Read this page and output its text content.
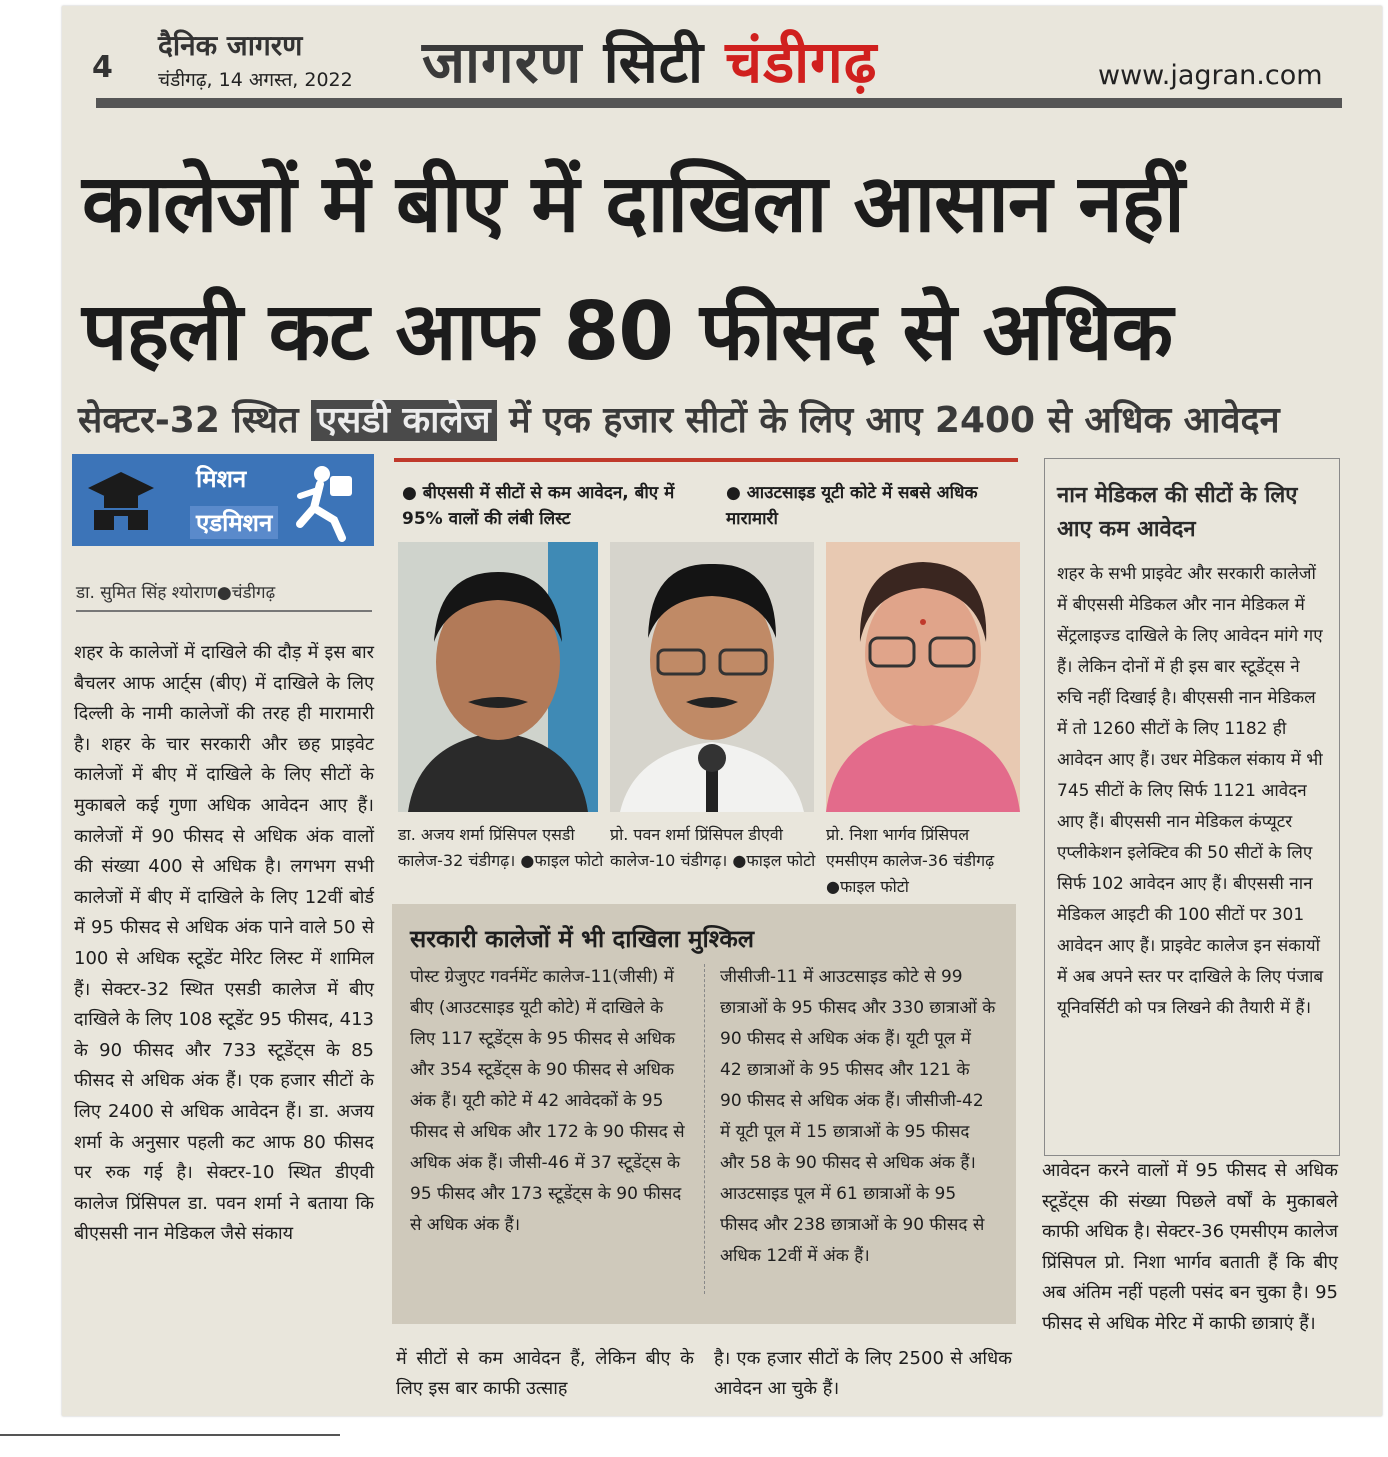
4
दैनिक जागरण
चंडीगढ़, 14 अगस्त, 2022 जागरण सिटी चंडीगढ़	www.jagran.com
कालेजों में बीए में दाखिला आसान नहीं
पहली कट आफ 80 फीसद से अधिक
सेक्टर-32 स्थित एसडी कालेज में एक हजार सीटों के लिए आए 2400 से अधिक आवेदन
मिशन
एडमिशन
डा. सुमित सिंह श्योराण●चंडीगढ़
शहर के कालेजों में दाखिले की दौड़ में इस बार बैचलर आफ आर्ट्स (बीए) में दाखिले के लिए दिल्ली के नामी कालेजों की तरह ही मारामारी है। शहर के चार सरकारी और छह प्राइवेट कालेजों में बीए में दाखिले के लिए सीटों के मुकाबले कई गुणा अधिक आवेदन आए हैं। कालेजों में 90 फीसद से अधिक अंक वालों की संख्या 400 से अधिक है। लगभग सभी कालेजों में बीए में दाखिले के लिए 12वीं बोर्ड में 95 फीसद से अधिक अंक पाने वाले 50 से 100 से अधिक स्टूडेंट मेरिट लिस्ट में शामिल हैं। सेक्टर-32 स्थित एसडी कालेज में बीए दाखिले के लिए 108 स्टूडेंट 95 फीसद, 413 के 90 फीसद और 733 स्टूडेंट्स के 85 फीसद से अधिक अंक हैं। एक हजार सीटों के लिए 2400 से अधिक आवेदन हैं। डा. अजय शर्मा के अनुसार पहली कट आफ 80 फीसद पर रुक गई है। सेक्टर-10 स्थित डीएवी कालेज प्रिंसिपल डा. पवन शर्मा ने बताया कि बीएससी नान मेडिकल जैसे संकाय
● बीएससी में सीटों से कम आवेदन, बीए में 95% वालों की लंबी लिस्ट
● आउटसाइड यूटी कोटे में सबसे अधिक मारामारी
डा. अजय शर्मा प्रिंसिपल एसडी कालेज-32 चंडीगढ़। ●फाइल फोटो
प्रो. पवन शर्मा प्रिंसिपल डीएवी कालेज-10 चंडीगढ़। ●फाइल फोटो
प्रो. निशा भार्गव प्रिंसिपल एमसीएम कालेज-36 चंडीगढ़ ●फाइल फोटो
सरकारी कालेजों में भी दाखिला मुश्किल
पोस्ट ग्रेजुएट गवर्नमेंट कालेज-11(जीसी) में बीए (आउटसाइड यूटी कोटे) में दाखिले के लिए 117 स्टूडेंट्स के 95 फीसद से अधिक और 354 स्टूडेंट्स के 90 फीसद से अधिक अंक हैं। यूटी कोटे में 42 आवेदकों के 95 फीसद से अधिक और 172 के 90 फीसद से अधिक अंक हैं। जीसी-46 में 37 स्टूडेंट्स के 95 फीसद और 173 स्टूडेंट्स के 90 फीसद से अधिक अंक हैं।
जीसीजी-11 में आउटसाइड कोटे से 99 छात्राओं के 95 फीसद और 330 छात्राओं के 90 फीसद से अधिक अंक हैं। यूटी पूल में 42 छात्राओं के 95 फीसद और 121 के 90 फीसद से अधिक अंक हैं। जीसीजी-42 में यूटी पूल में 15 छात्राओं के 95 फीसद और 58 के 90 फीसद से अधिक अंक हैं। आउटसाइड पूल में 61 छात्राओं के 95 फीसद और 238 छात्राओं के 90 फीसद से अधिक 12वीं में अंक हैं।
में सीटों से कम आवेदन हैं, लेकिन बीए के लिए इस बार काफी उत्साह
है। एक हजार सीटों के लिए 2500 से अधिक आवेदन आ चुके हैं।
नान मेडिकल की सीटों के लिए आए कम आवेदन
शहर के सभी प्राइवेट और सरकारी कालेजों में बीएससी मेडिकल और नान मेडिकल में सेंट्रलाइज्ड दाखिले के लिए आवेदन मांगे गए हैं। लेकिन दोनों में ही इस बार स्टूडेंट्स ने रुचि नहीं दिखाई है। बीएससी नान मेडिकल में तो 1260 सीटों के लिए 1182 ही आवेदन आए हैं। उधर मेडिकल संकाय में भी 745 सीटों के लिए सिर्फ 1121 आवेदन आए हैं। बीएससी नान मेडिकल कंप्यूटर एप्लीकेशन इलेक्टिव की 50 सीटों के लिए सिर्फ 102 आवेदन आए हैं। बीएससी नान मेडिकल आइटी की 100 सीटों पर 301 आवेदन आए हैं। प्राइवेट कालेज इन संकायों में अब अपने स्तर पर दाखिले के लिए पंजाब यूनिवर्सिटी को पत्र लिखने की तैयारी में हैं।
आवेदन करने वालों में 95 फीसद से अधिक स्टूडेंट्स की संख्या पिछले वर्षों के मुकाबले काफी अधिक है। सेक्टर-36 एमसीएम कालेज प्रिंसिपल प्रो. निशा भार्गव बताती हैं कि बीए अब अंतिम नहीं पहली पसंद बन चुका है। 95 फीसद से अधिक मेरिट में काफी छात्राएं हैं।
